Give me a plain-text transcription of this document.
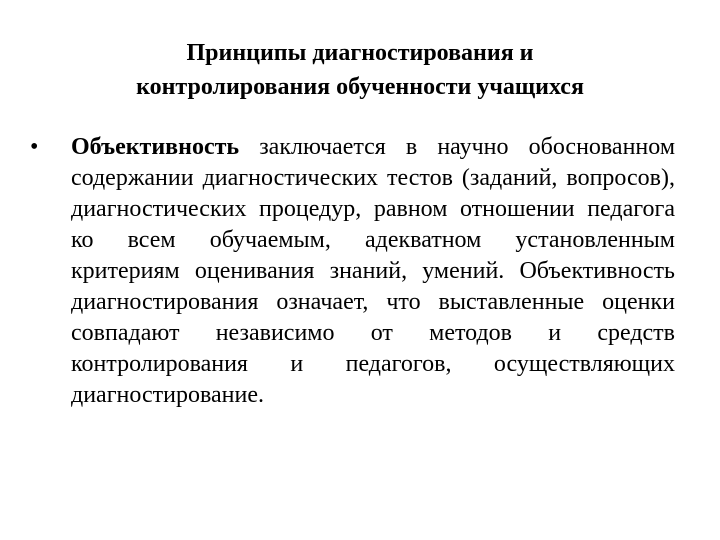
Принципы диагностирования и
контролирования обученности учащихся
• Объективность заключается в научно обоснованном содержании диагностических тестов (заданий, вопросов), диагностических процедур, равном отношении педагога ко всем обучаемым, адекватном установленным критериям оценивания знаний, умений. Объективность диагностирования означает, что выставленные оценки совпадают независимо от методов и средств контролирования и педагогов, осуществляющих диагностирование.
